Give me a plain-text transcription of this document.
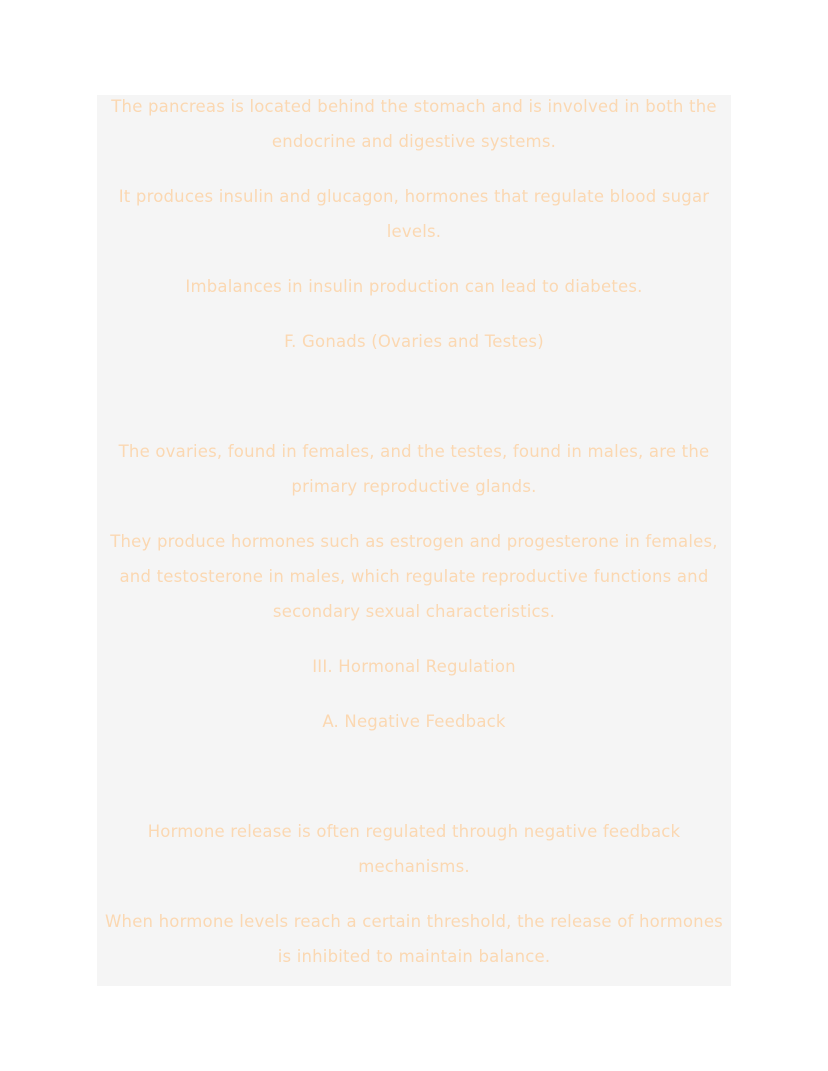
The pancreas is located behind the stomach and is involved in both the endocrine and digestive systems.

It produces insulin and glucagon, hormones that regulate blood sugar levels.

Imbalances in insulin production can lead to diabetes.

F. Gonads (Ovaries and Testes)

The ovaries, found in females, and the testes, found in males, are the primary reproductive glands.

They produce hormones such as estrogen and progesterone in females, and testosterone in males, which regulate reproductive functions and secondary sexual characteristics.

III. Hormonal Regulation

A. Negative Feedback

Hormone release is often regulated through negative feedback mechanisms.

When hormone levels reach a certain threshold, the release of hormones is inhibited to maintain balance.
